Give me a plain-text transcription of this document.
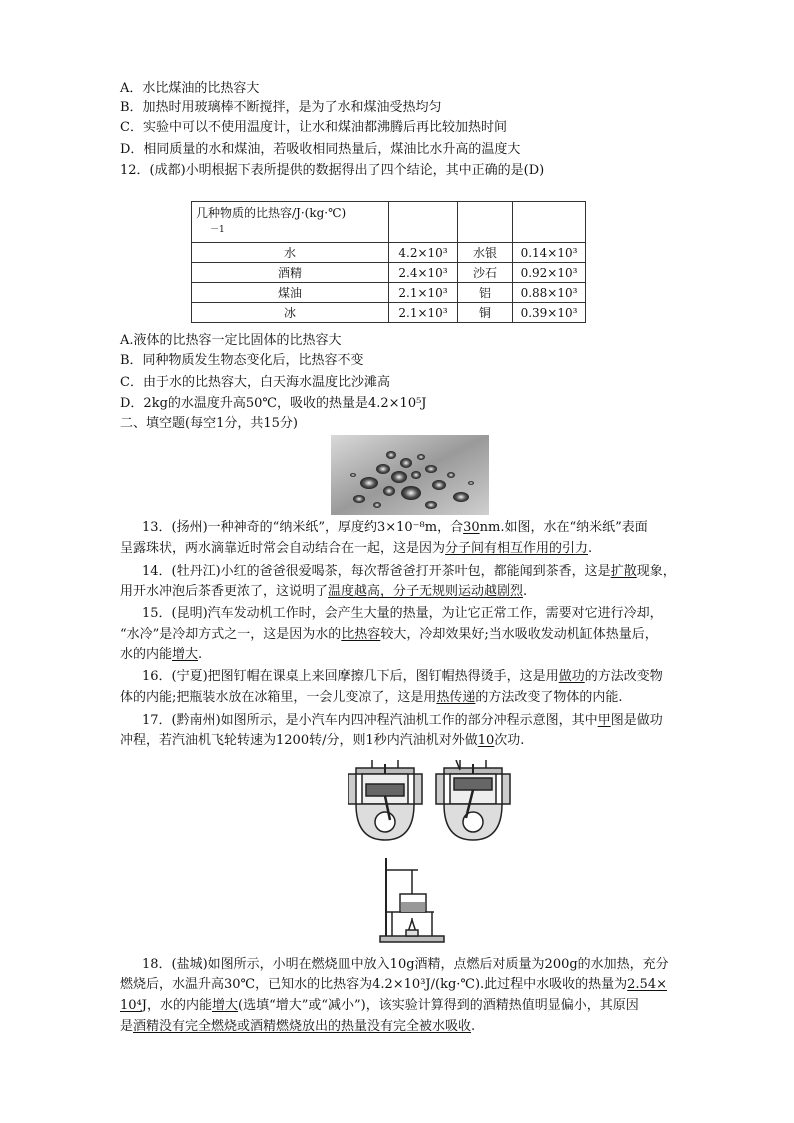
A．水比煤油的比热容大
B．加热时用玻璃棒不断搅拌，是为了水和煤油受热均匀
C．实验中可以不使用温度计，让水和煤油都沸腾后再比较加热时间
D．相同质量的水和煤油，若吸收相同热量后，煤油比水升高的温度大
12．(成都)小明根据下表所提供的数据得出了四个结论，其中正确的是(D)
几种物质的比热容/J·(kg·℃)
－1			
水	4.2×10³	水银	0.14×10³
酒精	2.4×10³	沙石	0.92×10³
煤油	2.1×10³	铝	0.88×10³
冰	2.1×10³	铜	0.39×10³
A.液体的比热容一定比固体的比热容大
B．同种物质发生物态变化后，比热容不变
C．由于水的比热容大，白天海水温度比沙滩高
D．2kg的水温度升高50℃，吸收的热量是4.2×10⁵J
二、填空题(每空1分，共15分)
13．(扬州)一种神奇的“纳米纸”，厚度约3×10⁻⁸m，合30nm.如图，水在“纳米纸”表面
呈露珠状，两水滴靠近时常会自动结合在一起，这是因为分子间有相互作用的引力.
14．(牡丹江)小红的爸爸很爱喝茶，每次帮爸爸打开茶叶包，都能闻到茶香，这是扩散现象，
用开水冲泡后茶香更浓了，这说明了温度越高，分子无规则运动越剧烈.
15．(昆明)汽车发动机工作时，会产生大量的热量，为让它正常工作，需要对它进行冷却，
“水冷”是冷却方式之一，这是因为水的比热容较大，冷却效果好;当水吸收发动机缸体热量后，
水的内能增大.
16．(宁夏)把图钉帽在课桌上来回摩擦几下后，图钉帽热得烫手，这是用做功的方法改变物
体的内能;把瓶装水放在冰箱里，一会儿变凉了，这是用热传递的方法改变了物体的内能.
17．(黔南州)如图所示，是小汽车内四冲程汽油机工作的部分冲程示意图，其中甲图是做功
冲程，若汽油机飞轮转速为1200转/分，则1秒内汽油机对外做10次功.
18．(盐城)如图所示，小明在燃烧皿中放入10g酒精，点燃后对质量为200g的水加热，充分
燃烧后，水温升高30℃，已知水的比热容为4.2×10³J/(kg·℃).此过程中水吸收的热量为2.54×
10⁴J，水的内能增大(选填“增大”或“减小”)，该实验计算得到的酒精热值明显偏小，其原因
是酒精没有完全燃烧或酒精燃烧放出的热量没有完全被水吸收.
